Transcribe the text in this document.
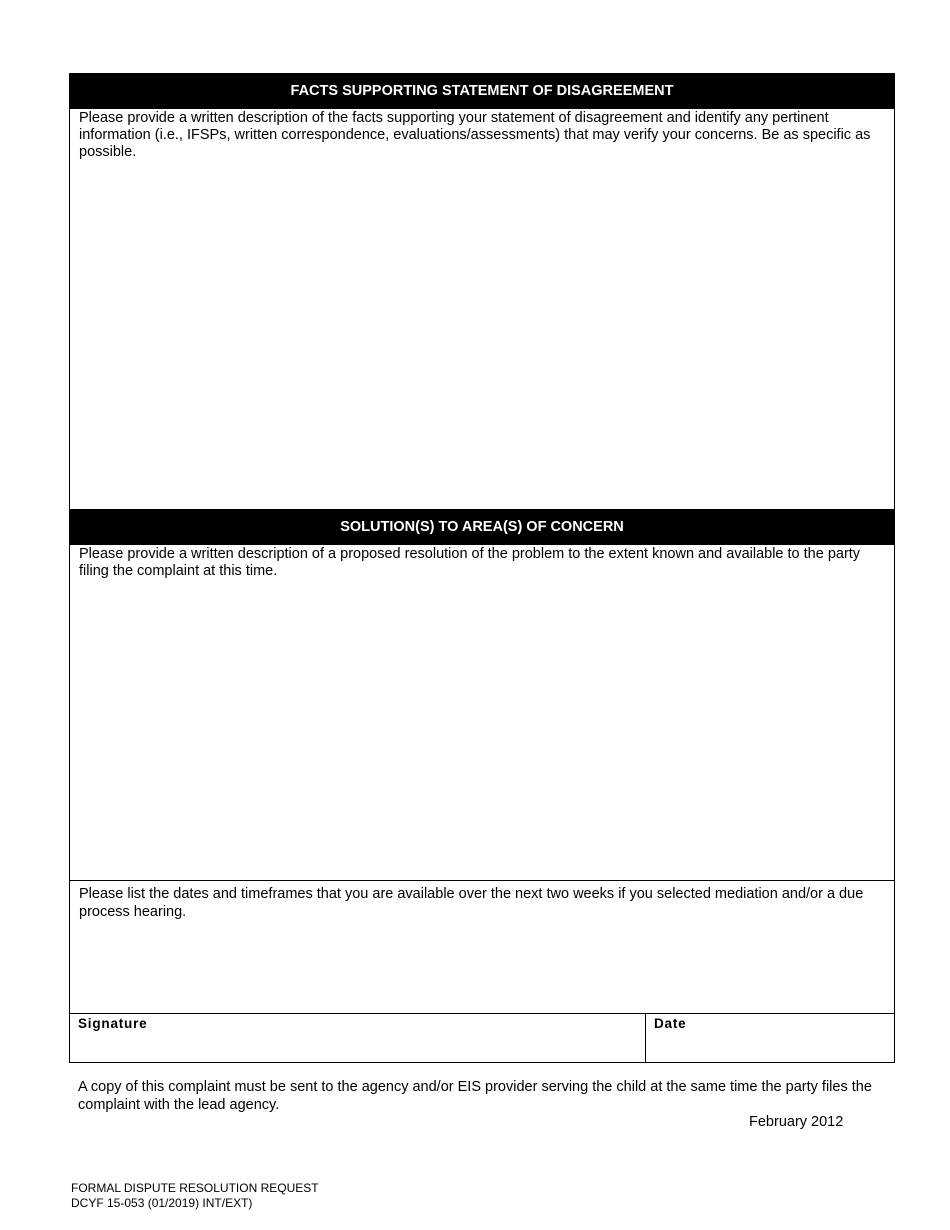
FACTS SUPPORTING STATEMENT OF DISAGREEMENT
Please provide a written description of the facts supporting your statement of disagreement and identify any pertinent information (i.e., IFSPs, written correspondence, evaluations/assessments) that may verify your concerns. Be as specific as possible.
SOLUTION(S) TO AREA(S) OF CONCERN
Please provide a written description of a proposed resolution of the problem to the extent known and available to the party filing the complaint at this time.
Please list the dates and timeframes that you are available over the next two weeks if you selected mediation and/or a due process hearing.
Signature	Date
A copy of this complaint must be sent to the agency and/or EIS provider serving the child at the same time the party files the complaint with the lead agency.
February 2012
FORMAL DISPUTE RESOLUTION REQUEST
DCYF 15-053 (01/2019) INT/EXT)
